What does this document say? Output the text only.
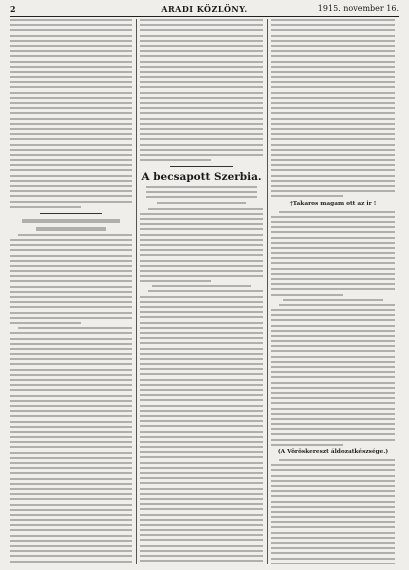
2	ARADI KÖZLÖNY.	1915. november 16.
A becsapott Szerbia.
†Takaros magam ott az ir !
(A Vöröskereszt áldozatkészsége.)
